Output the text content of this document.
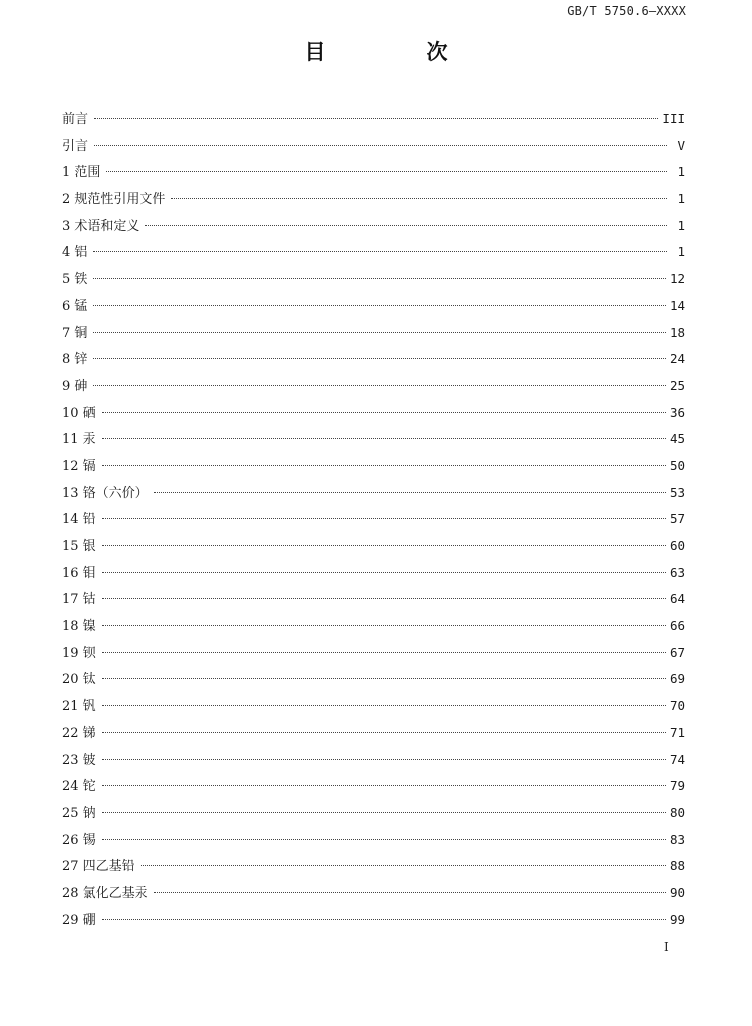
GB/T 5750.6—XXXX
目　次
前言	III
引言	V
1 范围	1
2 规范性引用文件	1
3 术语和定义	1
4 铝	1
5 铁	12
6 锰	14
7 铜	18
8 锌	24
9 砷	25
10 硒	36
11 汞	45
12 镉	50
13 铬（六价）	53
14 铅	57
15 银	60
16 钼	63
17 钴	64
18 镍	66
19 钡	67
20 钛	69
21 钒	70
22 锑	71
23 铍	74
24 铊	79
25 钠	80
26 锡	83
27 四乙基铅	88
28 氯化乙基汞	90
29 硼	99
I
